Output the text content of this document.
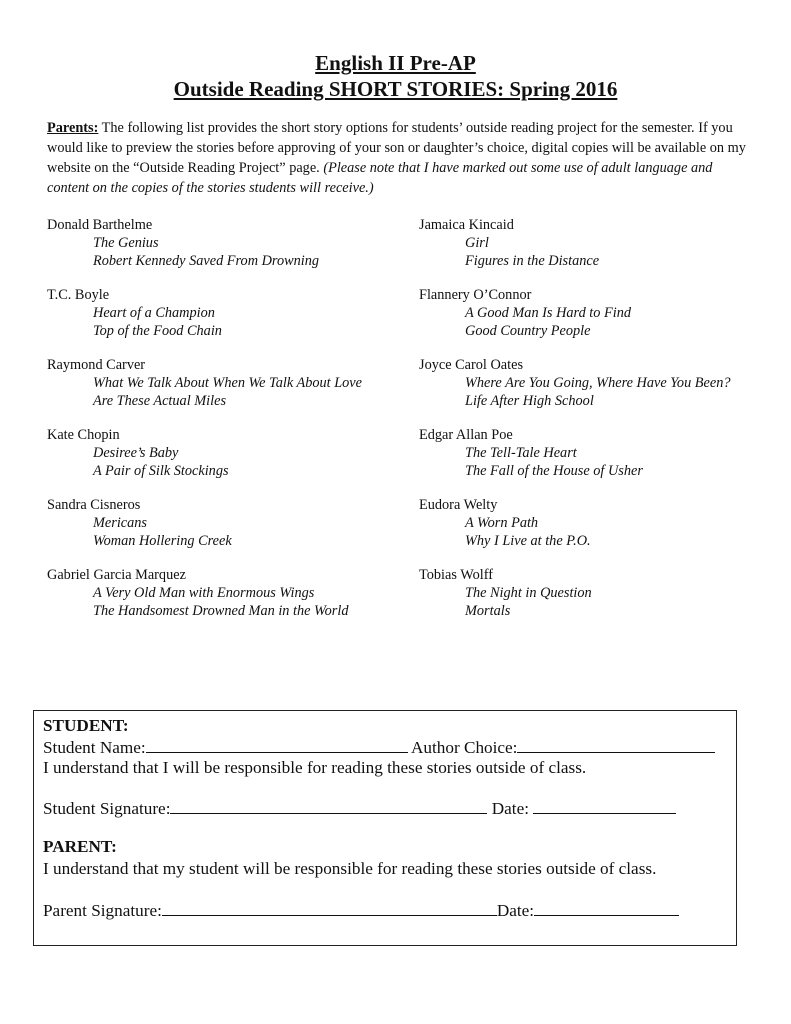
English II Pre-AP
Outside Reading SHORT STORIES: Spring 2016
Parents: The following list provides the short story options for students’ outside reading project for the semester. If you would like to preview the stories before approving of your son or daughter’s choice, digital copies will be available on my website on the “Outside Reading Project” page. (Please note that I have marked out some use of adult language and content on the copies of the stories students will receive.)
Donald Barthelme
The Genius
Robert Kennedy Saved From Drowning
T.C. Boyle
Heart of a Champion
Top of the Food Chain
Raymond Carver
What We Talk About When We Talk About Love
Are These Actual Miles
Kate Chopin
Desiree’s Baby
A Pair of Silk Stockings
Sandra Cisneros
Mericans
Woman Hollering Creek
Gabriel Garcia Marquez
A Very Old Man with Enormous Wings
The Handsomest Drowned Man in the World
Jamaica Kincaid
Girl
Figures in the Distance
Flannery O’Connor
A Good Man Is Hard to Find
Good Country People
Joyce Carol Oates
Where Are You Going, Where Have You Been?
Life After High School
Edgar Allan Poe
The Tell-Tale Heart
The Fall of the House of Usher
Eudora Welty
A Worn Path
Why I Live at the P.O.
Tobias Wolff
The Night in Question
Mortals
STUDENT:
Student Name:	Author Choice:
I understand that I will be responsible for reading these stories outside of class.
Student Signature:	Date:
PARENT:
I understand that my student will be responsible for reading these stories outside of class.
Parent Signature:	Date:
